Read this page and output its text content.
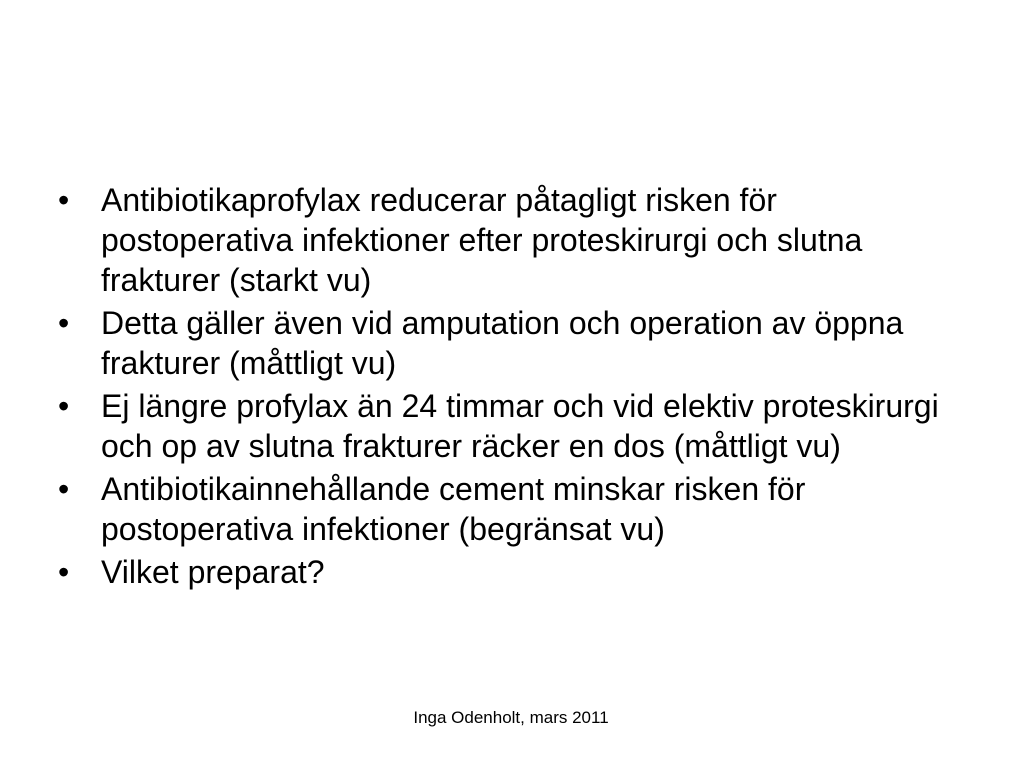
• Antibiotikaprofylax reducerar påtagligt risken för postoperativa infektioner efter proteskirurgi och slutna frakturer (starkt vu)
• Detta gäller även vid amputation och operation av öppna frakturer (måttligt vu)
• Ej längre profylax än 24 timmar och vid elektiv proteskirurgi  och op av slutna frakturer räcker en dos (måttligt vu)
• Antibiotikainnehållande cement minskar risken för postoperativa infektioner (begränsat vu)
• Vilket preparat?
Inga Odenholt, mars 2011
